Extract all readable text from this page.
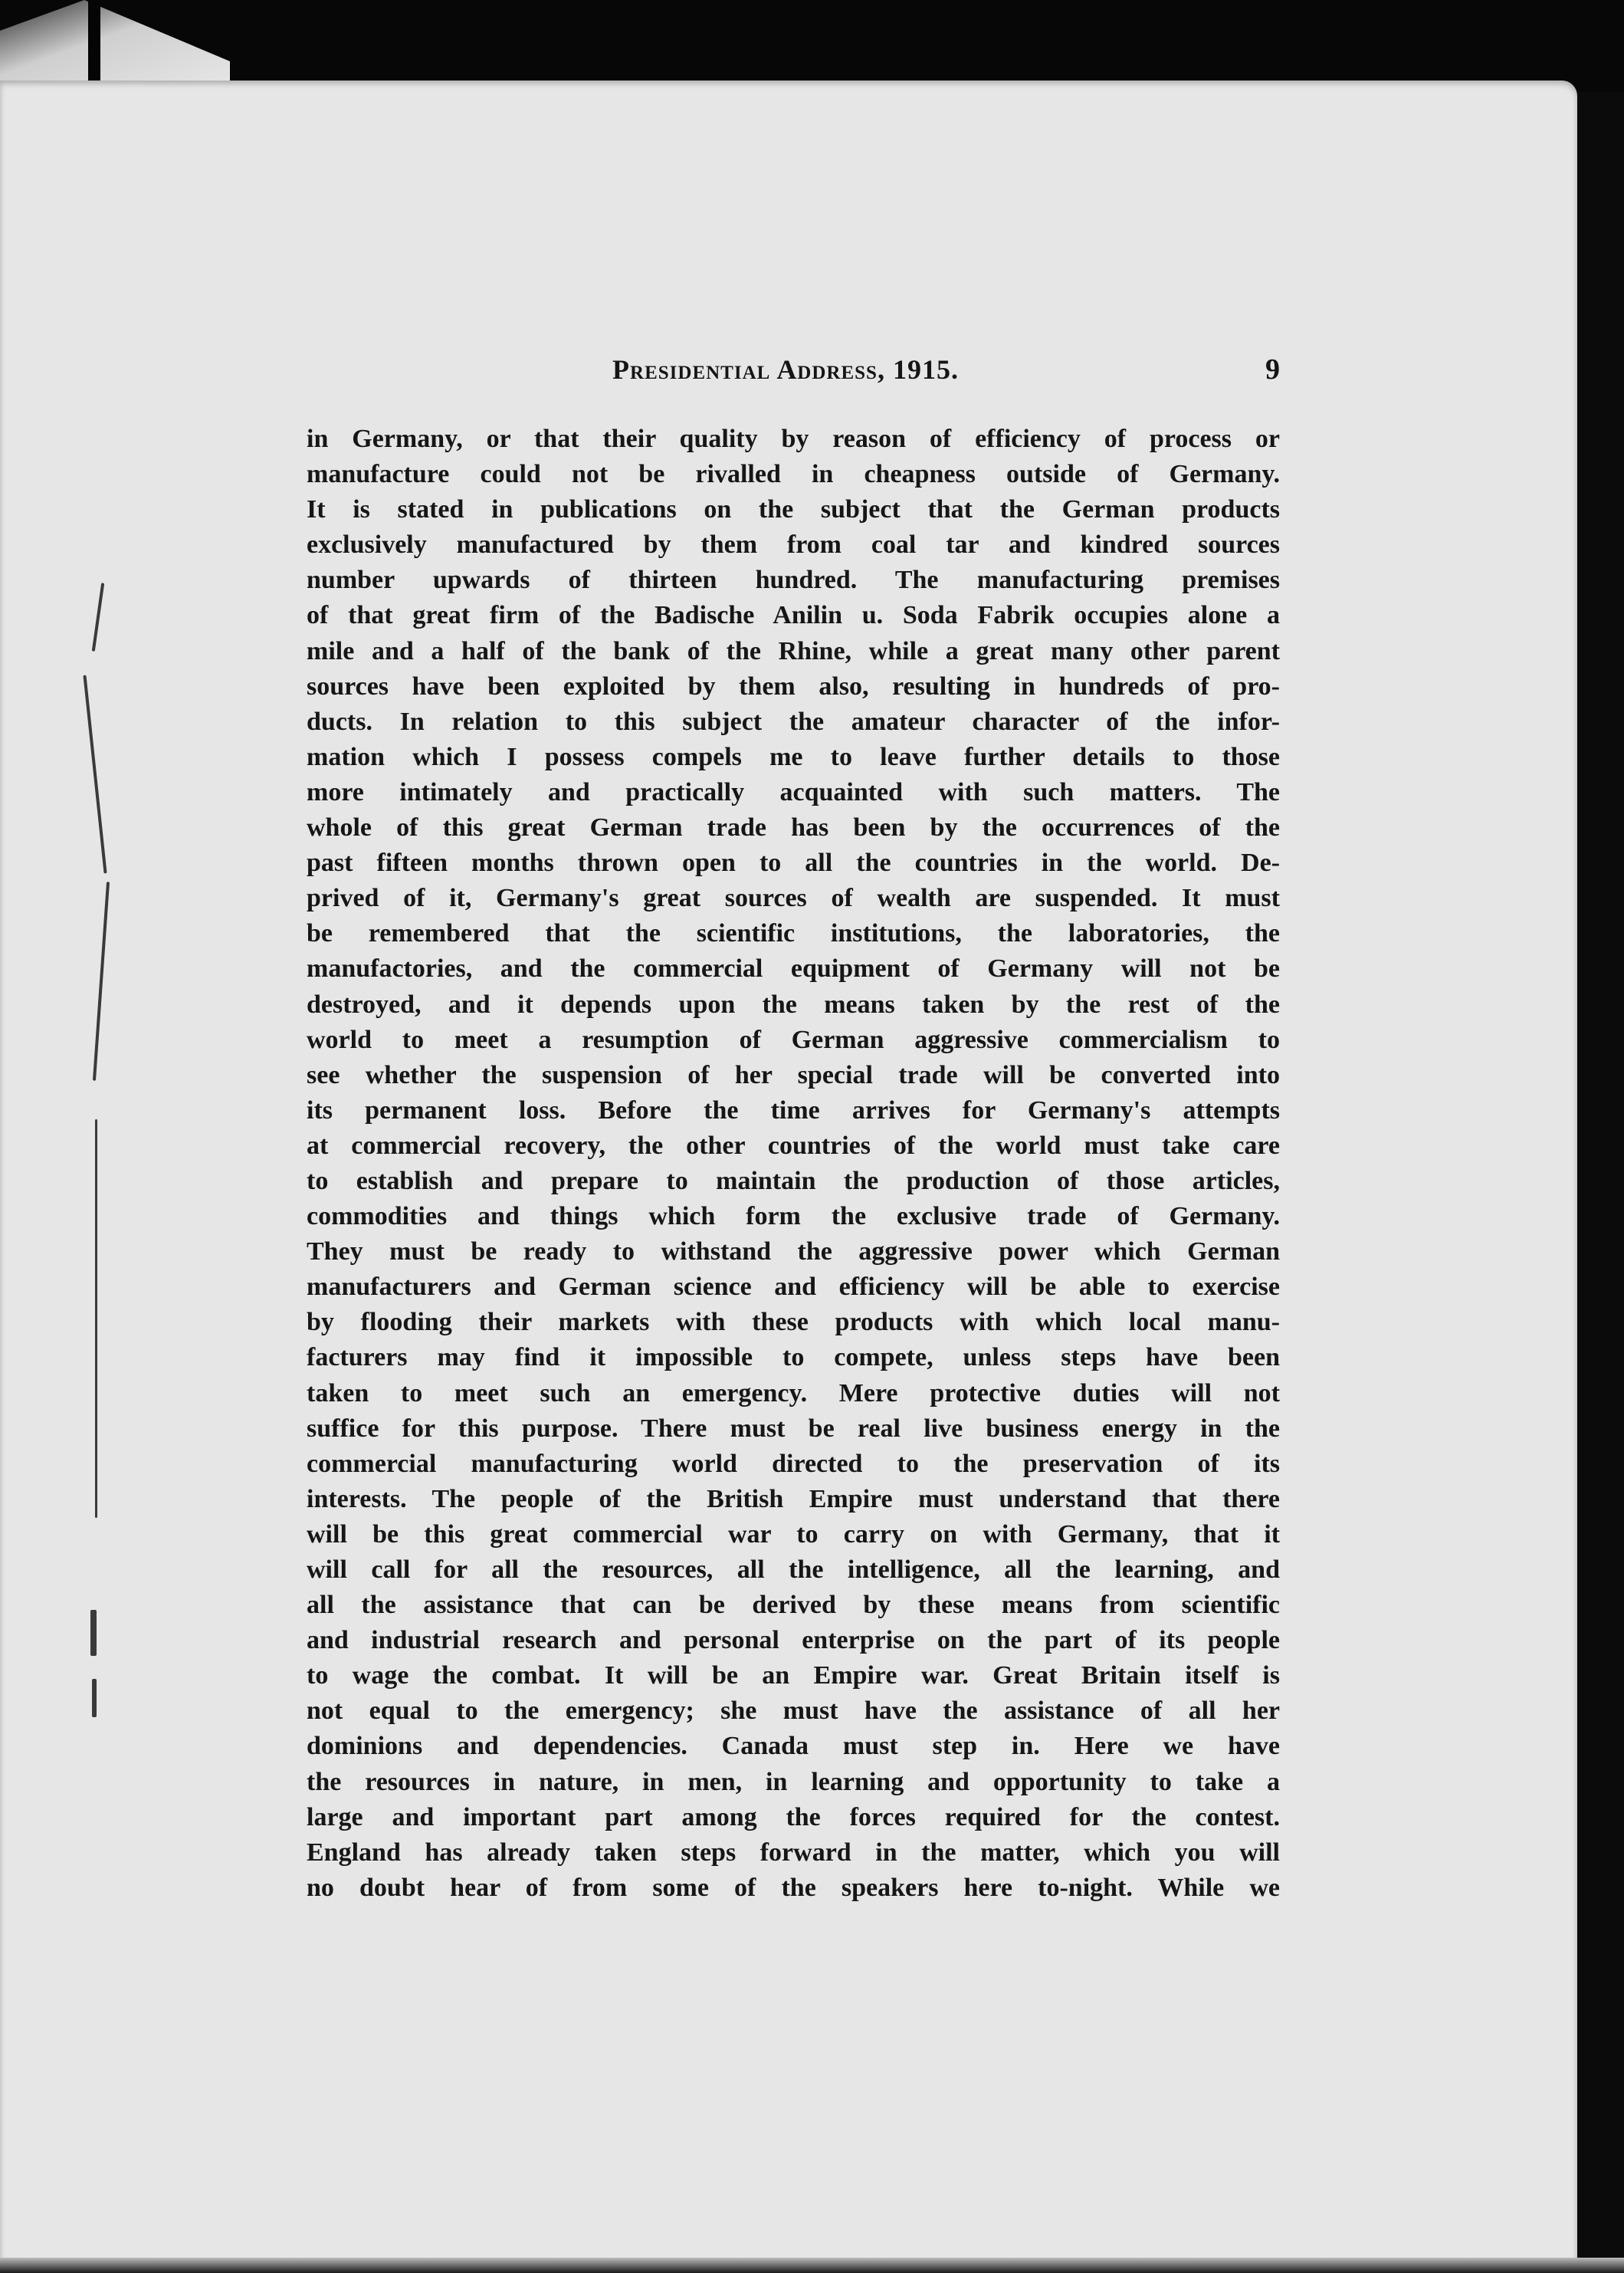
Presidential Address, 1915.	9
in Germany, or that their quality by reason of efficiency of process or
manufacture could not be rivalled in cheapness outside of Germany.
It is stated in publications on the subject that the German products
exclusively manufactured by them from coal tar and kindred sources
number upwards of thirteen hundred. The manufacturing premises
of that great firm of the Badische Anilin u. Soda Fabrik occupies alone a
mile and a half of the bank of the Rhine, while a great many other parent
sources have been exploited by them also, resulting in hundreds of pro-
ducts. In relation to this subject the amateur character of the infor-
mation which I possess compels me to leave further details to those
more intimately and practically acquainted with such matters. The
whole of this great German trade has been by the occurrences of the
past fifteen months thrown open to all the countries in the world. De-
prived of it, Germany's great sources of wealth are suspended. It must
be remembered that the scientific institutions, the laboratories, the
manufactories, and the commercial equipment of Germany will not be
destroyed, and it depends upon the means taken by the rest of the
world to meet a resumption of German aggressive commercialism to
see whether the suspension of her special trade will be converted into
its permanent loss. Before the time arrives for Germany's attempts
at commercial recovery, the other countries of the world must take care
to establish and prepare to maintain the production of those articles,
commodities and things which form the exclusive trade of Germany.
They must be ready to withstand the aggressive power which German
manufacturers and German science and efficiency will be able to exercise
by flooding their markets with these products with which local manu-
facturers may find it impossible to compete, unless steps have been
taken to meet such an emergency. Mere protective duties will not
suffice for this purpose. There must be real live business energy in the
commercial manufacturing world directed to the preservation of its
interests. The people of the British Empire must understand that there
will be this great commercial war to carry on with Germany, that it
will call for all the resources, all the intelligence, all the learning, and
all the assistance that can be derived by these means from scientific
and industrial research and personal enterprise on the part of its people
to wage the combat. It will be an Empire war. Great Britain itself is
not equal to the emergency; she must have the assistance of all her
dominions and dependencies. Canada must step in. Here we have
the resources in nature, in men, in learning and opportunity to take a
large and important part among the forces required for the contest.
England has already taken steps forward in the matter, which you will
no doubt hear of from some of the speakers here to-night. While we
